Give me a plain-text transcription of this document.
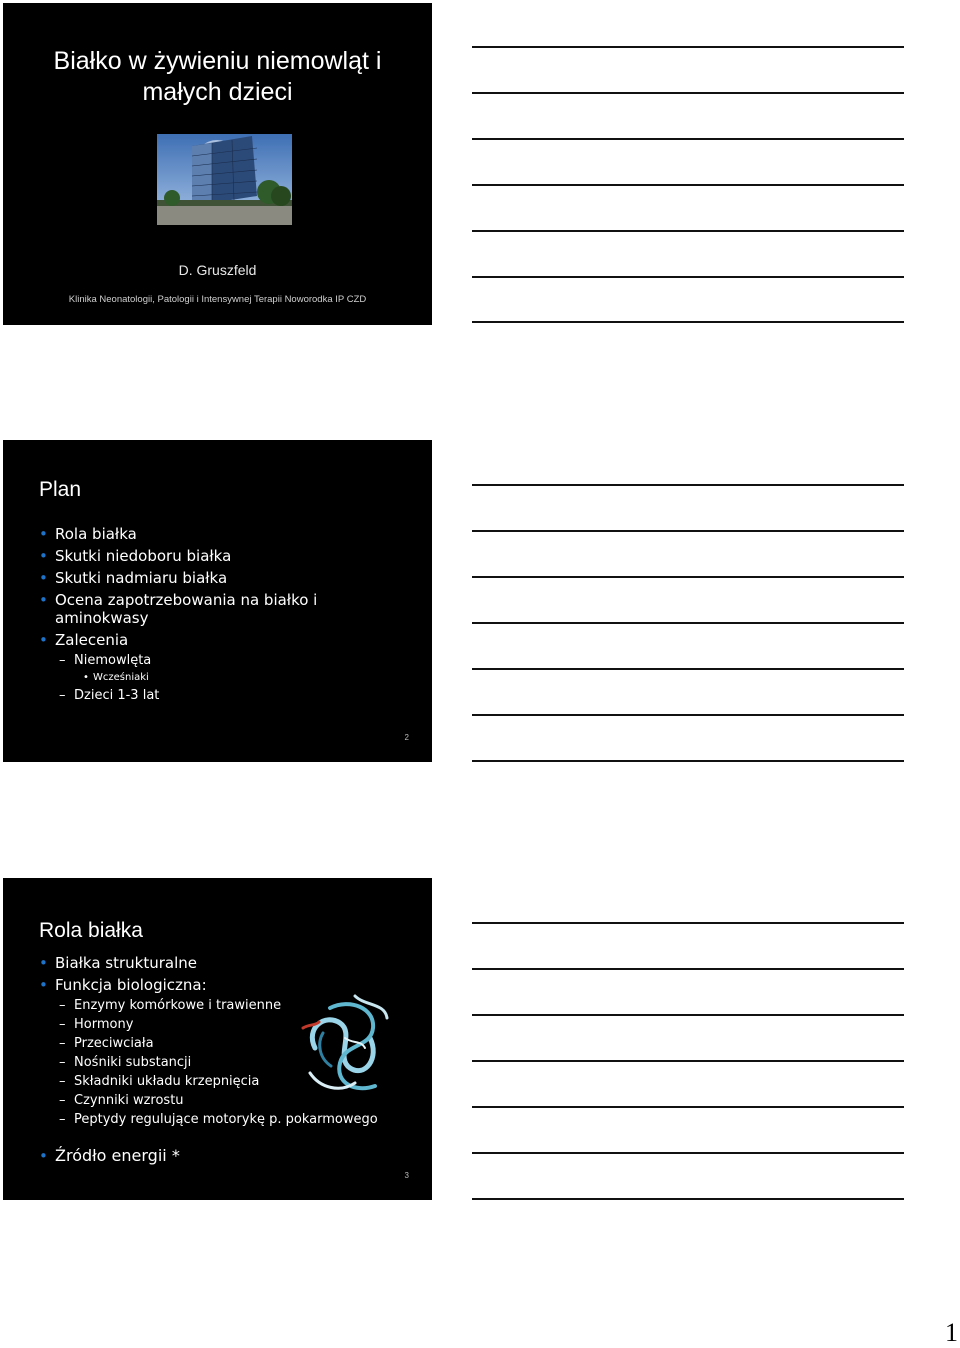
Białko w żywieniu niemowląt i
małych dzieci
D. Gruszfeld
Klinika Neonatologii, Patologii i Intensywnej Terapii Noworodka IP CZD
Plan
• Rola białka
• Skutki niedoboru białka
• Skutki nadmiaru białka
• Ocena zapotrzebowania na białko i aminokwasy
• Zalecenia
– Niemowlęta
• Wcześniaki
– Dzieci 1-3 lat
2
Rola białka
• Białka strukturalne
• Funkcja biologiczna:
– Enzymy komórkowe i trawienne
– Hormony
– Przeciwciała
– Nośniki substancji
– Składniki układu krzepnięcia
– Czynniki wzrostu
– Peptydy regulujące motorykę p. pokarmowego
• Źródło energii *
3
1
